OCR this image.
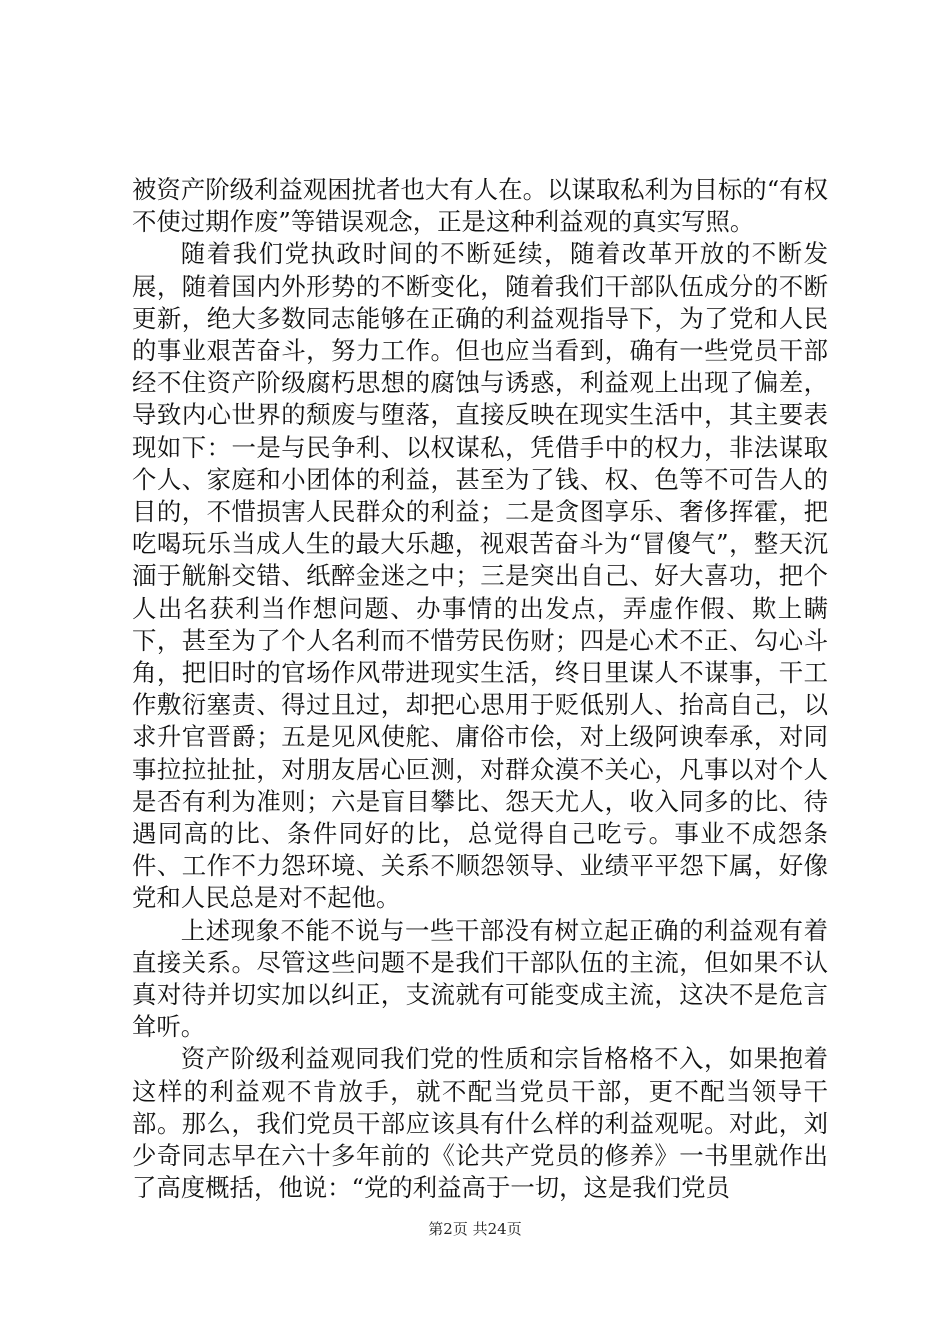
被资产阶级利益观困扰者也大有人在。以谋取私利为目标的“有权不使过期作废”等错误观念，正是这种利益观的真实写照。

随着我们党执政时间的不断延续，随着改革开放的不断发展，随着国内外形势的不断变化，随着我们干部队伍成分的不断更新，绝大多数同志能够在正确的利益观指导下，为了党和人民的事业艰苦奋斗，努力工作。但也应当看到，确有一些党员干部经不住资产阶级腐朽思想的腐蚀与诱惑，利益观上出现了偏差，导致内心世界的颓废与堕落，直接反映在现实生活中，其主要表现如下：一是与民争利、以权谋私，凭借手中的权力，非法谋取个人、家庭和小团体的利益，甚至为了钱、权、色等不可告人的目的，不惜损害人民群众的利益；二是贪图享乐、奢侈挥霍，把吃喝玩乐当成人生的最大乐趣，视艰苦奋斗为“冒傻气”，整天沉湎于觥斛交错、纸醉金迷之中；三是突出自己、好大喜功，把个人出名获利当作想问题、办事情的出发点，弄虚作假、欺上瞒下，甚至为了个人名利而不惜劳民伤财；四是心术不正、勾心斗角，把旧时的官场作风带进现实生活，终日里谋人不谋事，干工作敷衍塞责、得过且过，却把心思用于贬低别人、抬高自己，以求升官晋爵；五是见风使舵、庸俗市侩，对上级阿谀奉承，对同事拉拉扯扯，对朋友居心叵测，对群众漠不关心，凡事以对个人是否有利为准则；六是盲目攀比、怨天尤人，收入同多的比、待遇同高的比、条件同好的比，总觉得自己吃亏。事业不成怨条件、工作不力怨环境、关系不顺怨领导、业绩平平怨下属，好像党和人民总是对不起他。

上述现象不能不说与一些干部没有树立起正确的利益观有着直接关系。尽管这些问题不是我们干部队伍的主流，但如果不认真对待并切实加以纠正，支流就有可能变成主流，这决不是危言耸听。

资产阶级利益观同我们党的性质和宗旨格格不入，如果抱着这样的利益观不肯放手，就不配当党员干部，更不配当领导干部。那么，我们党员干部应该具有什么样的利益观呢。对此，刘少奇同志早在六十多年前的《论共产党员的修养》一书里就作出了高度概括，他说：“党的利益高于一切，这是我们党员

第2页 共24页
